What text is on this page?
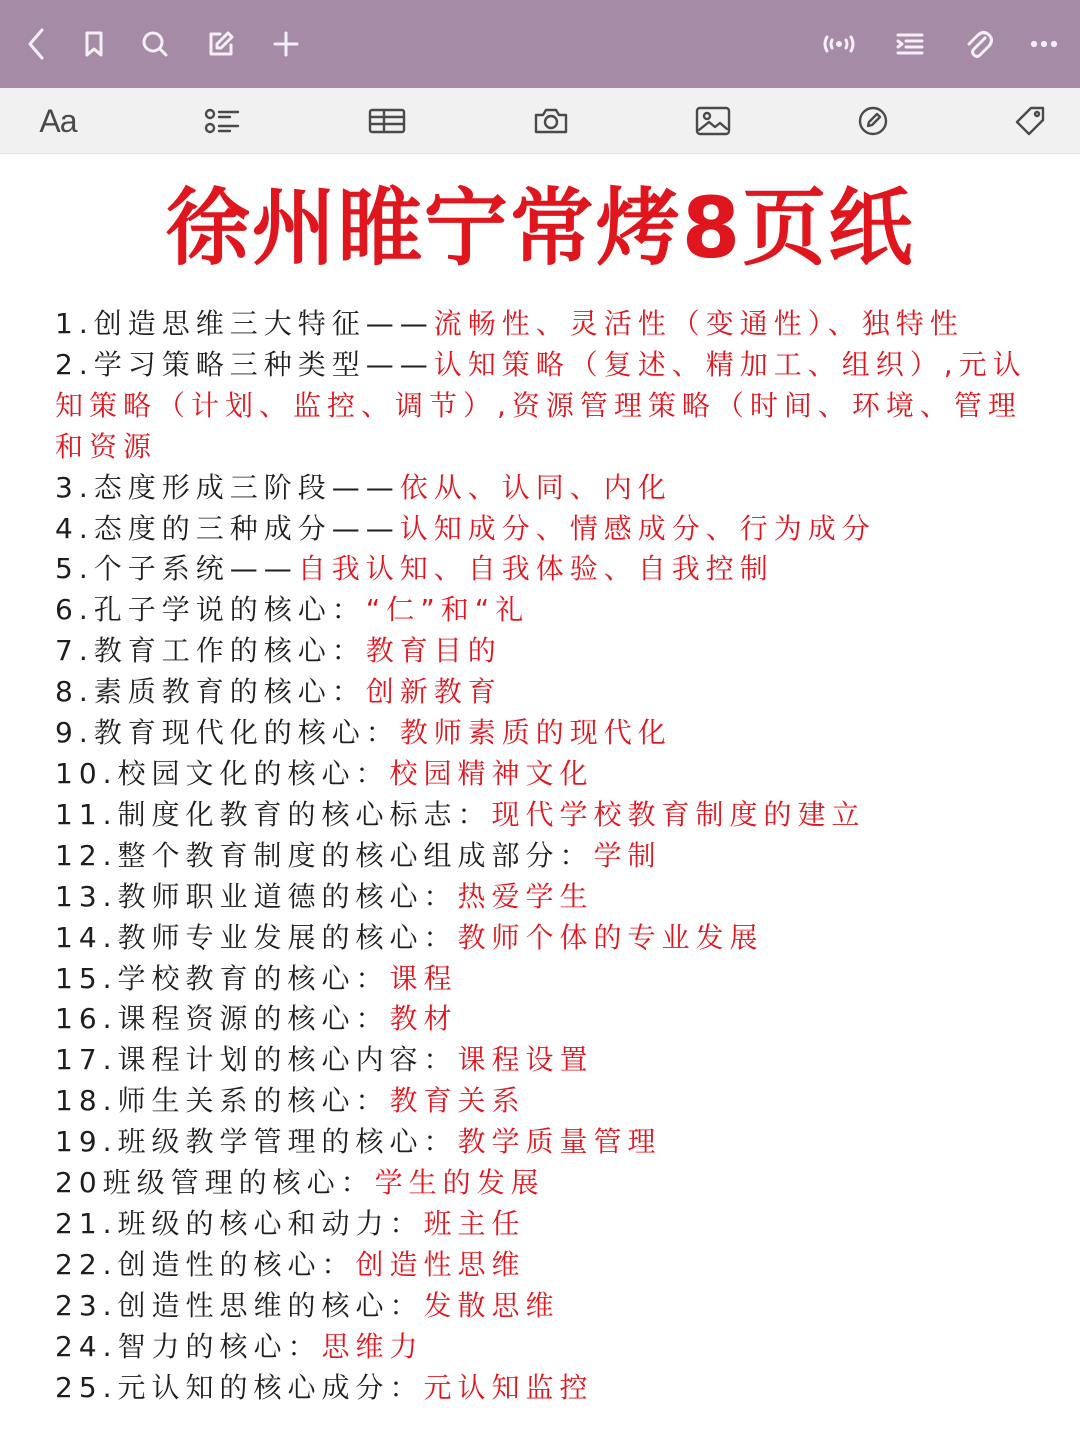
Aa
徐州睢宁常烤8页纸
1.创造思维三大特征——流畅性、灵活性（变通性）、独特性
2.学习策略三种类型——认知策略（复述、精加工、组织）,元认知策略（计划、监控、调节）,资源管理策略（时间、环境、管理和资源
3.态度形成三阶段——依从、认同、内化
4.态度的三种成分——认知成分、情感成分、行为成分
5.个子系统——自我认知、自我体验、自我控制
6.孔子学说的核心：“仁”和“礼
7.教育工作的核心：教育目的
8.素质教育的核心：创新教育
9.教育现代化的核心：教师素质的现代化
10.校园文化的核心：校园精神文化
11.制度化教育的核心标志：现代学校教育制度的建立
12.整个教育制度的核心组成部分：学制
13.教师职业道德的核心：热爱学生
14.教师专业发展的核心：教师个体的专业发展
15.学校教育的核心：课程
16.课程资源的核心：教材
17.课程计划的核心内容：课程设置
18.师生关系的核心：教育关系
19.班级教学管理的核心：教学质量管理
20班级管理的核心：学生的发展
21.班级的核心和动力：班主任
22.创造性的核心：创造性思维
23.创造性思维的核心：发散思维
24.智力的核心：思维力
25.元认知的核心成分：元认知监控
